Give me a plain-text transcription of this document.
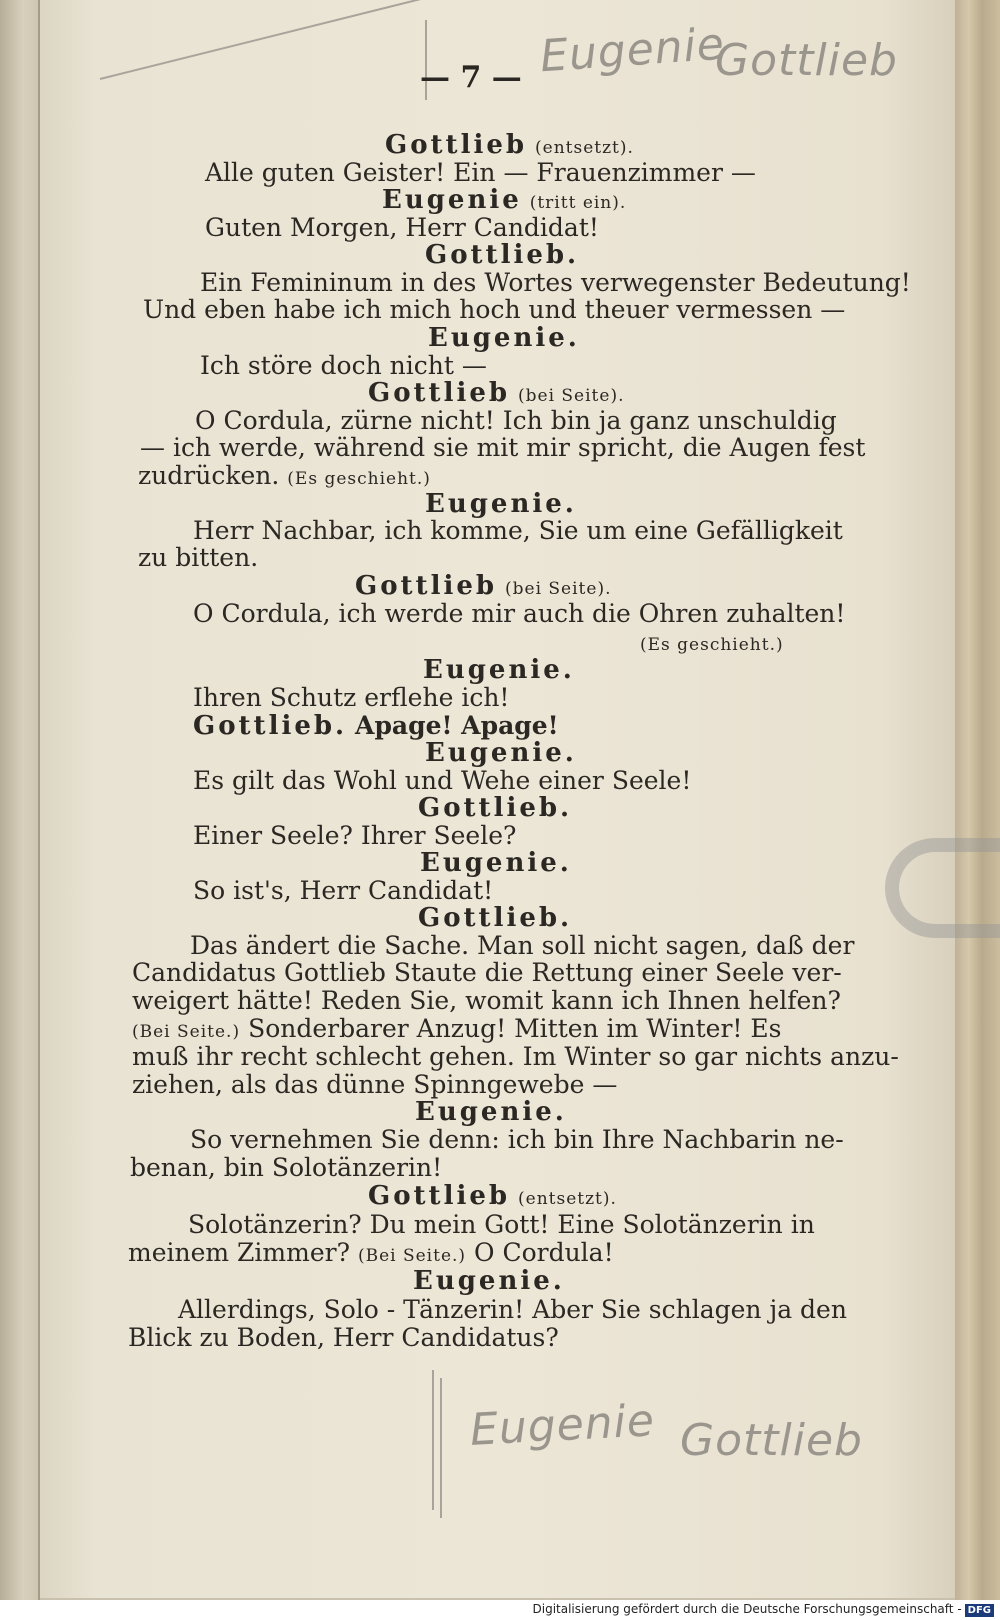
Eugenie
Gottlieb
Eugenie Gottlieb
— 7 —
Gottlieb (entsetzt).
Alle guten Geister! Ein — Frauenzimmer —
Eugenie (tritt ein).
Guten Morgen, Herr Candidat!
Gottlieb.
Ein Femininum in des Wortes verwegenster Bedeutung!
Und eben habe ich mich hoch und theuer vermessen —
Eugenie.
Ich störe doch nicht —
Gottlieb (bei Seite).
O Cordula, zürne nicht! Ich bin ja ganz unschuldig
— ich werde, während sie mit mir spricht, die Augen fest
zudrücken. (Es geschieht.)
Eugenie.
Herr Nachbar, ich komme, Sie um eine Gefälligkeit
zu bitten.
Gottlieb (bei Seite).
O Cordula, ich werde mir auch die Ohren zuhalten!
(Es geschieht.)
Eugenie.
Ihren Schutz erflehe ich!
Gottlieb. Apage! Apage!
Eugenie.
Es gilt das Wohl und Wehe einer Seele!
Gottlieb.
Einer Seele? Ihrer Seele?
Eugenie.
So ist's, Herr Candidat!
Gottlieb.
Das ändert die Sache. Man soll nicht sagen, daß der
Candidatus Gottlieb Staute die Rettung einer Seele ver-
weigert hätte! Reden Sie, womit kann ich Ihnen helfen?
(Bei Seite.) Sonderbarer Anzug! Mitten im Winter! Es
muß ihr recht schlecht gehen. Im Winter so gar nichts anzu-
ziehen, als das dünne Spinngewebe —
Eugenie.
So vernehmen Sie denn: ich bin Ihre Nachbarin ne-
benan, bin Solotänzerin!
Gottlieb (entsetzt).
Solotänzerin? Du mein Gott! Eine Solotänzerin in
meinem Zimmer? (Bei Seite.) O Cordula!
Eugenie.
Allerdings, Solo - Tänzerin! Aber Sie schlagen ja den
Blick zu Boden, Herr Candidatus?
Digitalisierung gefördert durch die Deutsche Forschungsgemeinschaft - DFG
